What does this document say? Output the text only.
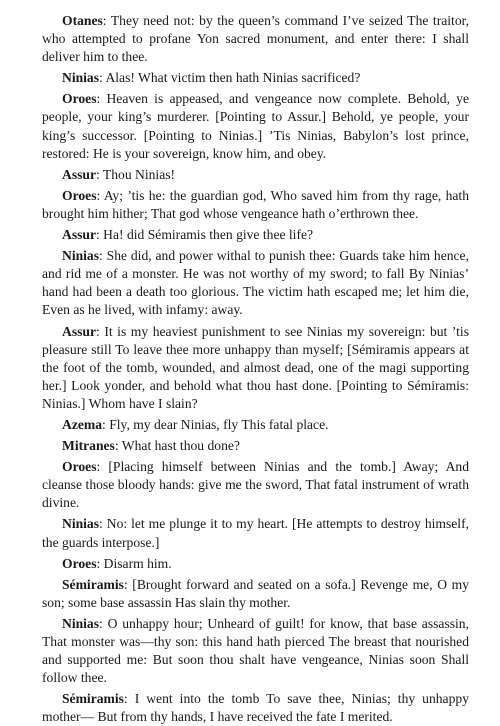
Otanes: They need not: by the queen’s command I’ve seized The traitor, who attempted to profane Yon sacred monument, and enter there: I shall deliver him to thee.

Ninias: Alas! What victim then hath Ninias sacrificed?

Oroes: Heaven is appeased, and vengeance now complete. Behold, ye people, your king’s murderer. [Pointing to Assur.] Behold, ye people, your king’s successor. [Pointing to Ninias.] ’Tis Ninias, Babylon’s lost prince, restored: He is your sovereign, know him, and obey.

Assur: Thou Ninias!

Oroes: Ay; ’tis he: the guardian god, Who saved him from thy rage, hath brought him hither; That god whose vengeance hath o’erthrown thee.

Assur: Ha! did Sémiramis then give thee life?

Ninias: She did, and power withal to punish thee: Guards take him hence, and rid me of a monster. He was not worthy of my sword; to fall By Ninias’ hand had been a death too glorious. The victim hath escaped me; let him die, Even as he lived, with infamy: away.

Assur: It is my heaviest punishment to see Ninias my sovereign: but ’tis pleasure still To leave thee more unhappy than myself; [Sémiramis appears at the foot of the tomb, wounded, and almost dead, one of the magi supporting her.] Look yonder, and behold what thou hast done. [Pointing to Sémiramis: Ninias.] Whom have I slain?

Azema: Fly, my dear Ninias, fly This fatal place.

Mitranes: What hast thou done?

Oroes: [Placing himself between Ninias and the tomb.] Away; And cleanse those bloody hands: give me the sword, That fatal instrument of wrath divine.

Ninias: No: let me plunge it to my heart. [He attempts to destroy himself, the guards interpose.]

Oroes: Disarm him.

Sémiramis: [Brought forward and seated on a sofa.] Revenge me, O my son; some base assassin Has slain thy mother.

Ninias: O unhappy hour; Unheard of guilt! for know, that base assassin, That monster was—thy son: this hand hath pierced The breast that nourished and supported me: But soon thou shalt have vengeance, Ninias soon Shall follow thee.

Sémiramis: I went into the tomb To save thee, Ninias; thy unhappy mother— But from thy hands, I have received the fate I merited.
